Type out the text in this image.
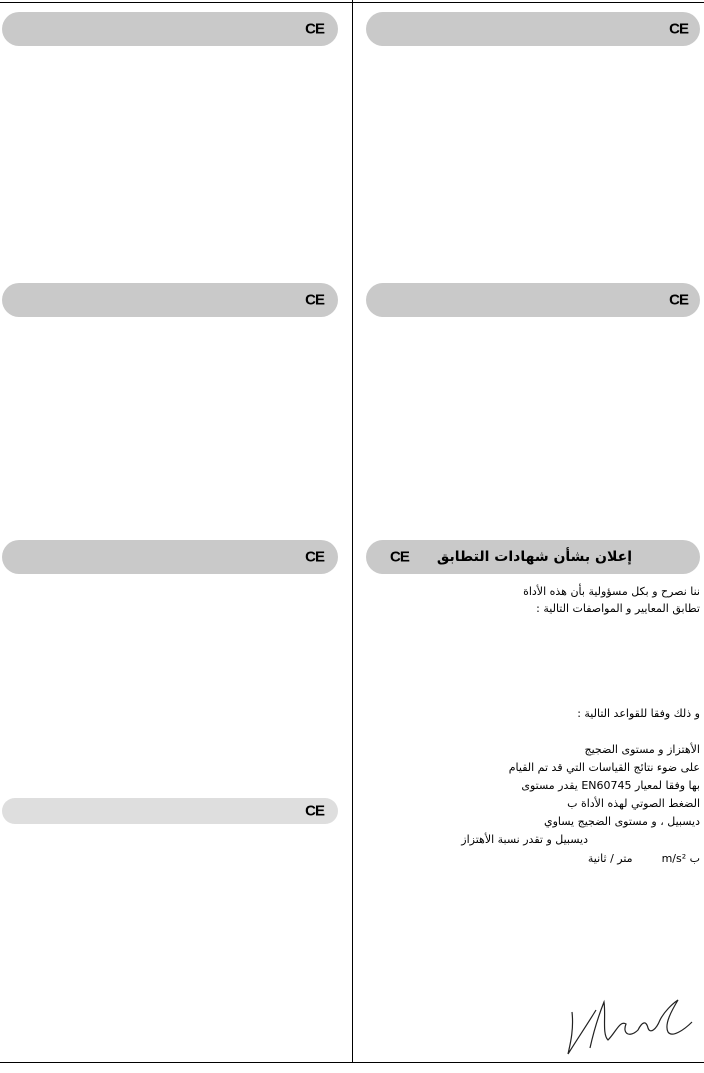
CE
CE
CE
CE
CE
CE
إعلان بشأن شهادات التطابق
CE
ننا نصرح و بكل مسؤولية بأن هذه الأداة
تطابق المعايير و المواصفات التالية :
و ذلك وفقا للقواعد التالية :
الأهتزاز و مستوى الضجيج
على ضوء نتائج القياسات التي قد تم القيام
بها وفقا لمعيار EN60745 يقدر مستوى
الضغط الصوتي لهذه الأداة ب
ديسبيل ، و مستوى الضجيج يساوي
ديسبيل و تقدر نسبة الأهتزاز
ب m/s²  متر / ثانية
